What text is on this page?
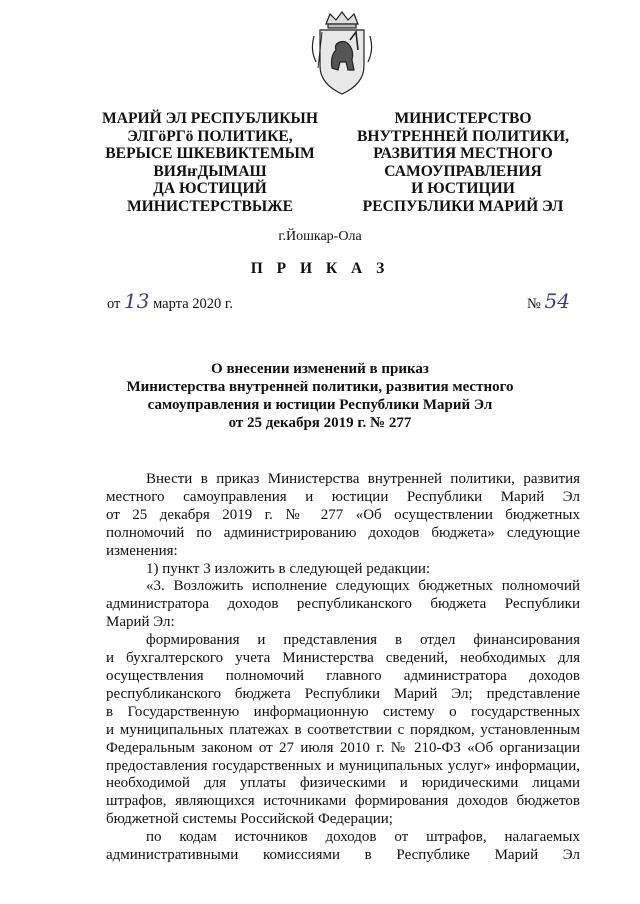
МАРИЙ ЭЛ РЕСПУБЛИКЫН
ЭЛГӧРГӧ ПОЛИТИКЕ,
ВЕРЫСЕ ШКЕВИКТЕМЫМ
ВИЯҥДЫМАШ
ДА ЮСТИЦИЙ
МИНИСТЕРСТВЫЖЕ
МИНИСТЕРСТВО
ВНУТРЕННЕЙ ПОЛИТИКИ,
РАЗВИТИЯ МЕСТНОГО
САМОУПРАВЛЕНИЯ
И ЮСТИЦИИ
РЕСПУБЛИКИ МАРИЙ ЭЛ
г.Йошкар-Ола
П Р И К А З
от 13 марта 2020 г.	№ 54
О внесении изменений в приказ
Министерства внутренней политики, развития местного
самоуправления и юстиции Республики Марий Эл
от 25 декабря 2019 г. № 277

Внести в приказ Министерства внутренней политики, развития

местного самоуправления и юстиции Республики Марий Эл

от 25 декабря 2019 г. № 277 «Об осуществлении бюджетных

полномочий по администрированию доходов бюджета» следующие

изменения:

1) пункт 3 изложить в следующей редакции:

«3. Возложить исполнение следующих бюджетных полномочий

администратора доходов республиканского бюджета Республики

Марий Эл:

формирования и представления в отдел финансирования

и бухгалтерского учета Министерства сведений, необходимых для

осуществления полномочий главного администратора доходов

республиканского бюджета Республики Марий Эл; представление

в Государственную информационную систему о государственных

и муниципальных платежах в соответствии с порядком, установленным

Федеральным законом от 27 июля 2010 г. № 210-ФЗ «Об организации

предоставления государственных и муниципальных услуг» информации,

необходимой для уплаты физическими и юридическими лицами

штрафов, являющихся источниками формирования доходов бюджетов

бюджетной системы Российской Федерации;

по кодам источников доходов от штрафов, налагаемых

административными комиссиями в Республике Марий Эл
